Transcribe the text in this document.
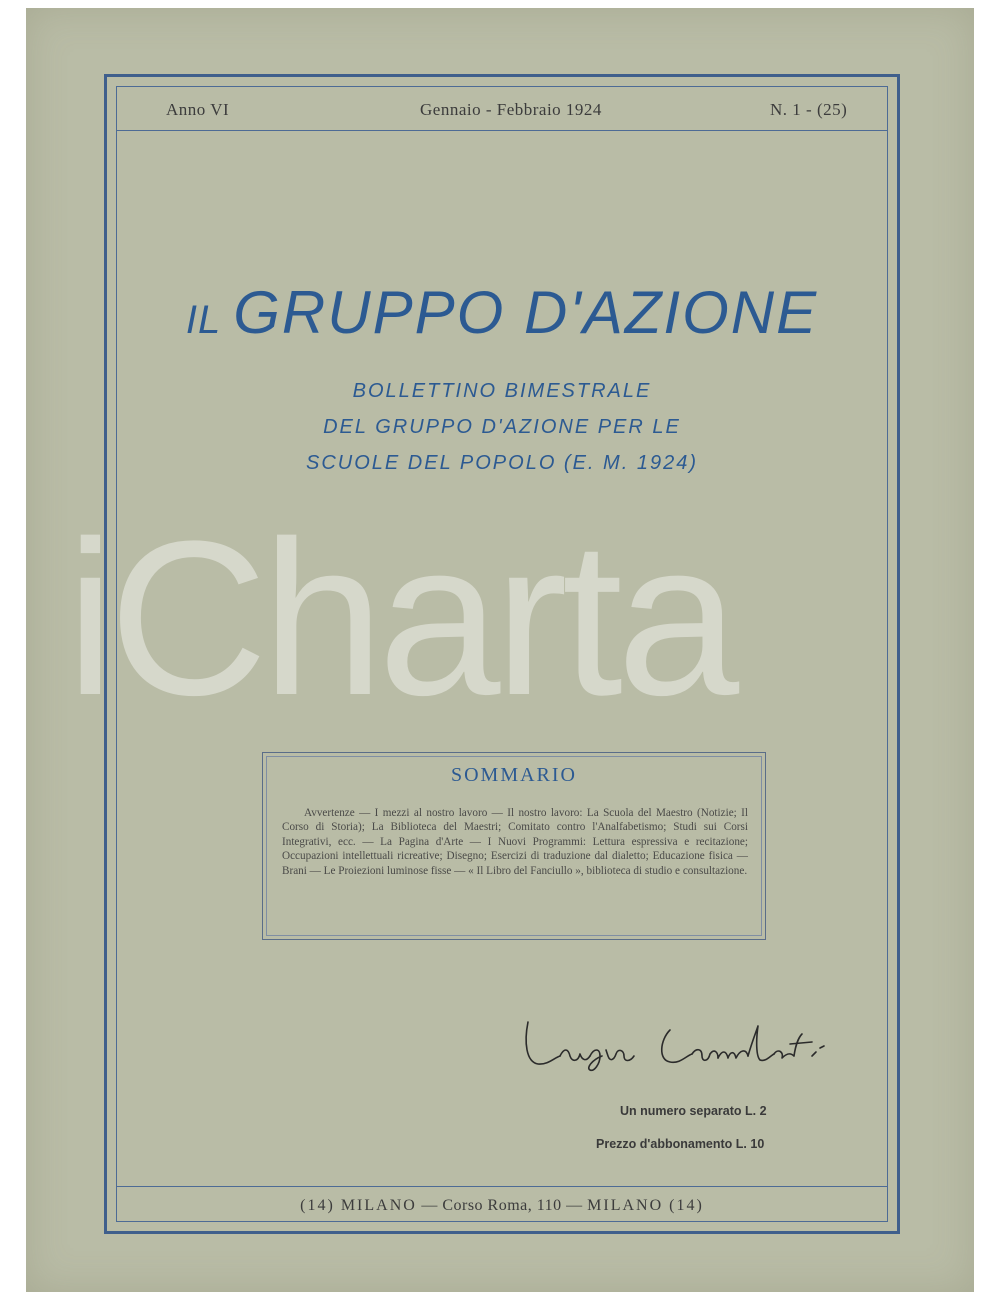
Anno VI	Gennaio - Febbraio 1924	N. 1 - (25)
IL GRUPPO D'AZIONE
BOLLETTINO BIMESTRALE
DEL GRUPPO D'AZIONE PER LE
SCUOLE DEL POPOLO (E. M. 1924)
iCharta
SOMMARIO
Avvertenze — I mezzi al nostro lavoro — Il nostro lavoro: La Scuola del Maestro (Notizie; Il Corso di Storia); La Biblioteca del Maestri; Comitato contro l'Analfabetismo; Studi sui Corsi Integrativi, ecc. — La Pagina d'Arte — I Nuovi Programmi: Lettura espressiva e recitazione; Occupazioni intellettuali ricreative; Disegno; Esercizi di traduzione dal dialetto; Educazione fisica — Brani — Le Proiezioni luminose fisse — « Il Libro del Fanciullo », biblioteca di studio e consultazione.
Un numero separato L. 2
Prezzo d'abbonamento L. 10
(14) MILANO — Corso Roma, 110 — MILANO (14)
